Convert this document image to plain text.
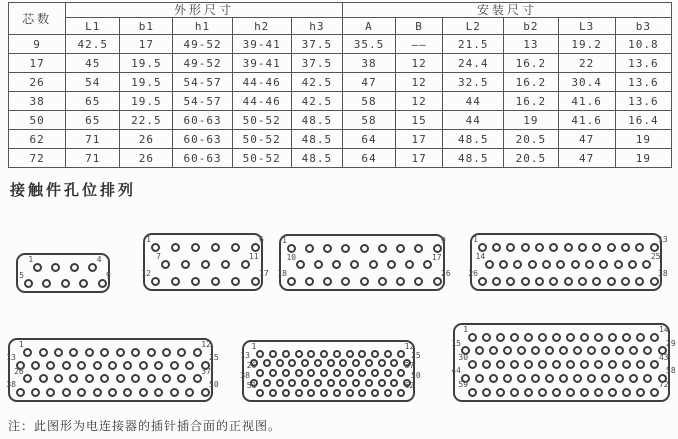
芯数	外形尺寸					安装尺寸					
	L1	b1	h1	h2	h3	A	B	L2	b2	L3	b3
9	42.5	17	49-52	39-41	37.5	35.5	——	21.5	13	19.2	10.8
17	45	19.5	49-52	39-41	37.5	38	12	24.4	16.2	22	13.6
26	54	19.5	54-57	44-46	42.5	47	12	32.5	16.2	30.4	13.6
38	65	19.5	54-57	44-46	42.5	58	12	44	16.2	41.6	13.6
50	65	22.5	60-63	50-52	48.5	58	15	44	19	41.6	16.4
62	71	26	60-63	50-52	48.5	64	17	48.5	20.5	47	19
72	71	26	60-63	50-52	48.5	64	17	48.5	20.5	47	19
接触件孔位排列
1	4
5	9
1	6
7	11
12	17
1	9
10	17
18	26
1	13
14	25
26	38
1	12
13	25
26	37
38	50
1	12
13	25
26	37
38	50
51	62
1	14
15	29
30	43
44	58
59	72
注：此图形为电连接器的插针插合面的正视图。
